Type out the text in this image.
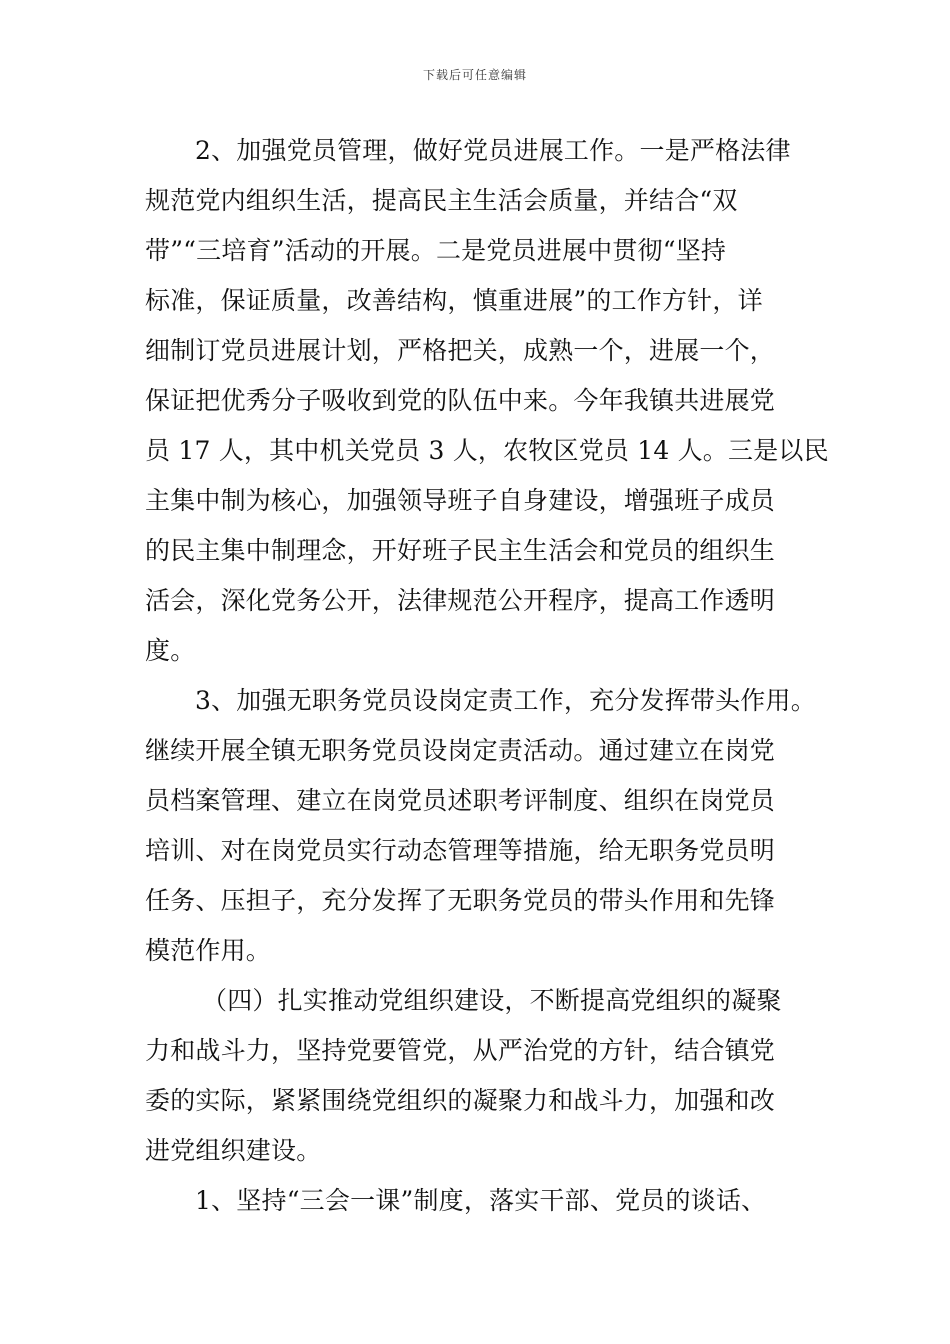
下载后可任意编辑
2、加强党员管理，做好党员进展工作。一是严格法律
规范党内组织生活，提高民主生活会质量，并结合“双
带”“三培育”活动的开展。二是党员进展中贯彻“坚持
标准，保证质量，改善结构，慎重进展”的工作方针，详
细制订党员进展计划，严格把关，成熟一个，进展一个，
保证把优秀分子吸收到党的队伍中来。今年我镇共进展党
员 17 人，其中机关党员 3 人，农牧区党员 14 人。三是以民
主集中制为核心，加强领导班子自身建设，增强班子成员
的民主集中制理念，开好班子民主生活会和党员的组织生
活会，深化党务公开，法律规范公开程序，提高工作透明
度。
3、加强无职务党员设岗定责工作，充分发挥带头作用。
继续开展全镇无职务党员设岗定责活动。通过建立在岗党
员档案管理、建立在岗党员述职考评制度、组织在岗党员
培训、对在岗党员实行动态管理等措施，给无职务党员明
任务、压担子，充分发挥了无职务党员的带头作用和先锋
模范作用。
（四）扎实推动党组织建设，不断提高党组织的凝聚
力和战斗力，坚持党要管党，从严治党的方针，结合镇党
委的实际，紧紧围绕党组织的凝聚力和战斗力，加强和改
进党组织建设。
1、坚持“三会一课”制度，落实干部、党员的谈话、
